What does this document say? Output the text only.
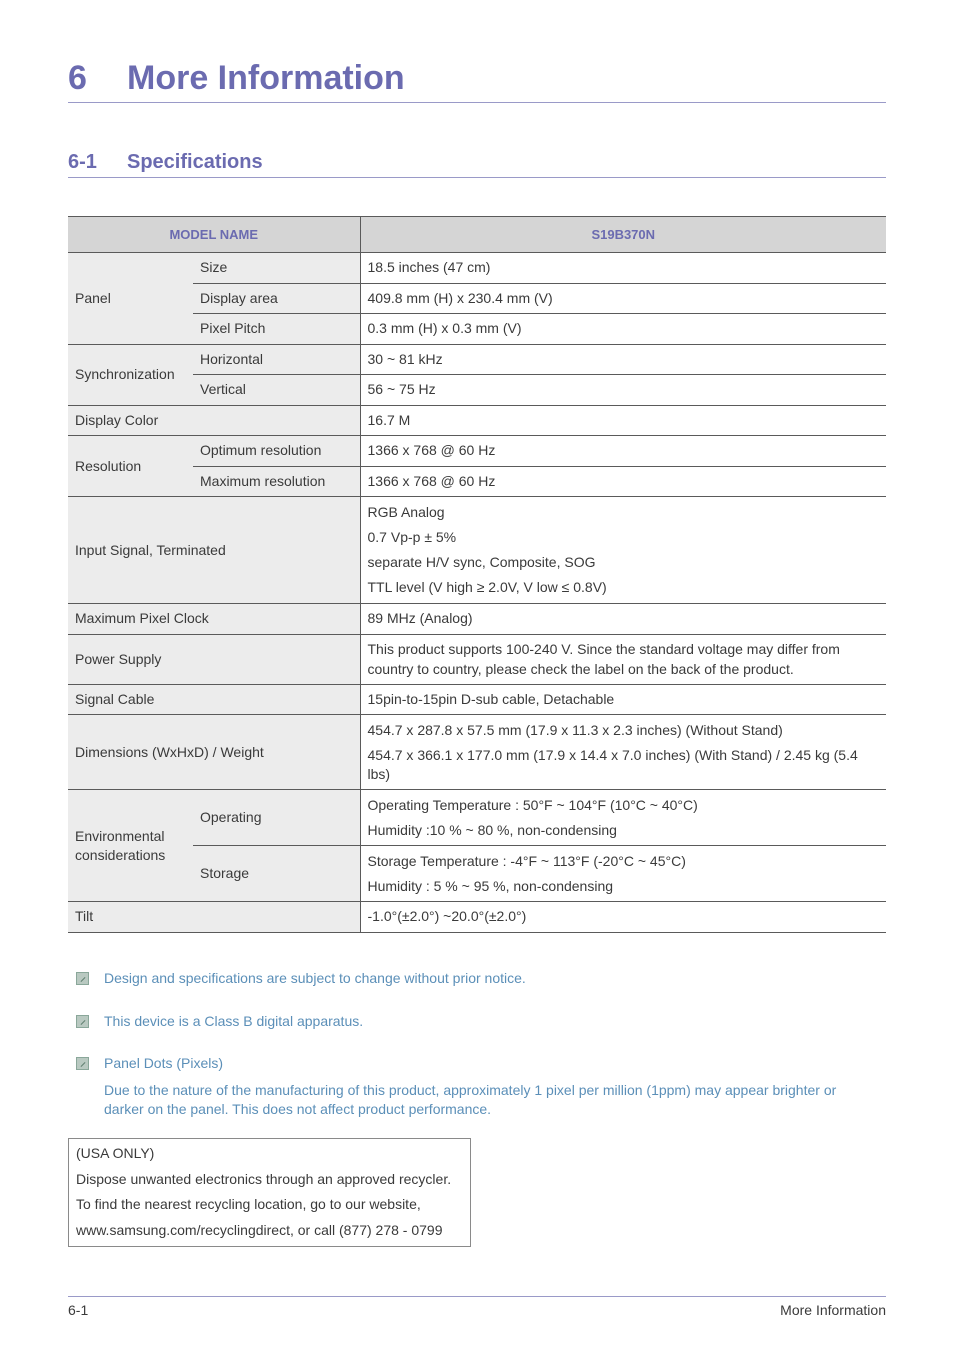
6 More Information
6-1 Specifications
MODEL NAME		S19B370N
Panel	Size	18.5 inches (47 cm)
	Display area	409.8 mm (H) x 230.4 mm (V)
	Pixel Pitch	0.3 mm (H) x 0.3 mm (V)
Synchronization	Horizontal	30 ~ 81 kHz
	Vertical	56 ~ 75 Hz
Display Color		16.7 M
Resolution	Optimum resolution	1366 x 768 @ 60 Hz
	Maximum resolution	1366 x 768 @ 60 Hz
Input Signal, Terminated		RGB Analog
0.7 Vp-p ± 5%
separate H/V sync, Composite, SOG
TTL level (V high ≥ 2.0V, V low ≤ 0.8V)

Maximum Pixel Clock		89 MHz (Analog)
Power Supply		This product supports 100-240 V. Since the standard voltage may differ from country to country, please check the label on the back of the product.
Signal Cable		15pin-to-15pin D-sub cable, Detachable
Dimensions (WxHxD) / Weight		454.7 x 287.8 x 57.5 mm (17.9 x 11.3 x 2.3 inches) (Without Stand)
454.7 x 366.1 x 177.0 mm (17.9 x 14.4 x 7.0 inches) (With Stand) / 2.45 kg (5.4 lbs)

Environmental considerations	Operating	Operating Temperature : 50°F ~ 104°F (10°C ~ 40°C)
Humidity :10 % ~ 80 %, non-condensing

	Storage	Storage Temperature : -4°F ~ 113°F (-20°C ~ 45°C)
Humidity : 5 % ~ 95 %, non-condensing

Tilt		-1.0°(±2.0°) ~20.0°(±2.0°)
Design and specifications are subject to change without prior notice.
This device is a Class B digital apparatus.
Panel Dots (Pixels)
Due to the nature of the manufacturing of this product, approximately 1 pixel per million (1ppm) may appear brighter or darker on the panel. This does not affect product performance.
(USA ONLY)
Dispose unwanted electronics through an approved recycler.
To find the nearest recycling location, go to our website,
www.samsung.com/recyclingdirect, or call (877) 278 - 0799
6-1	More Information
